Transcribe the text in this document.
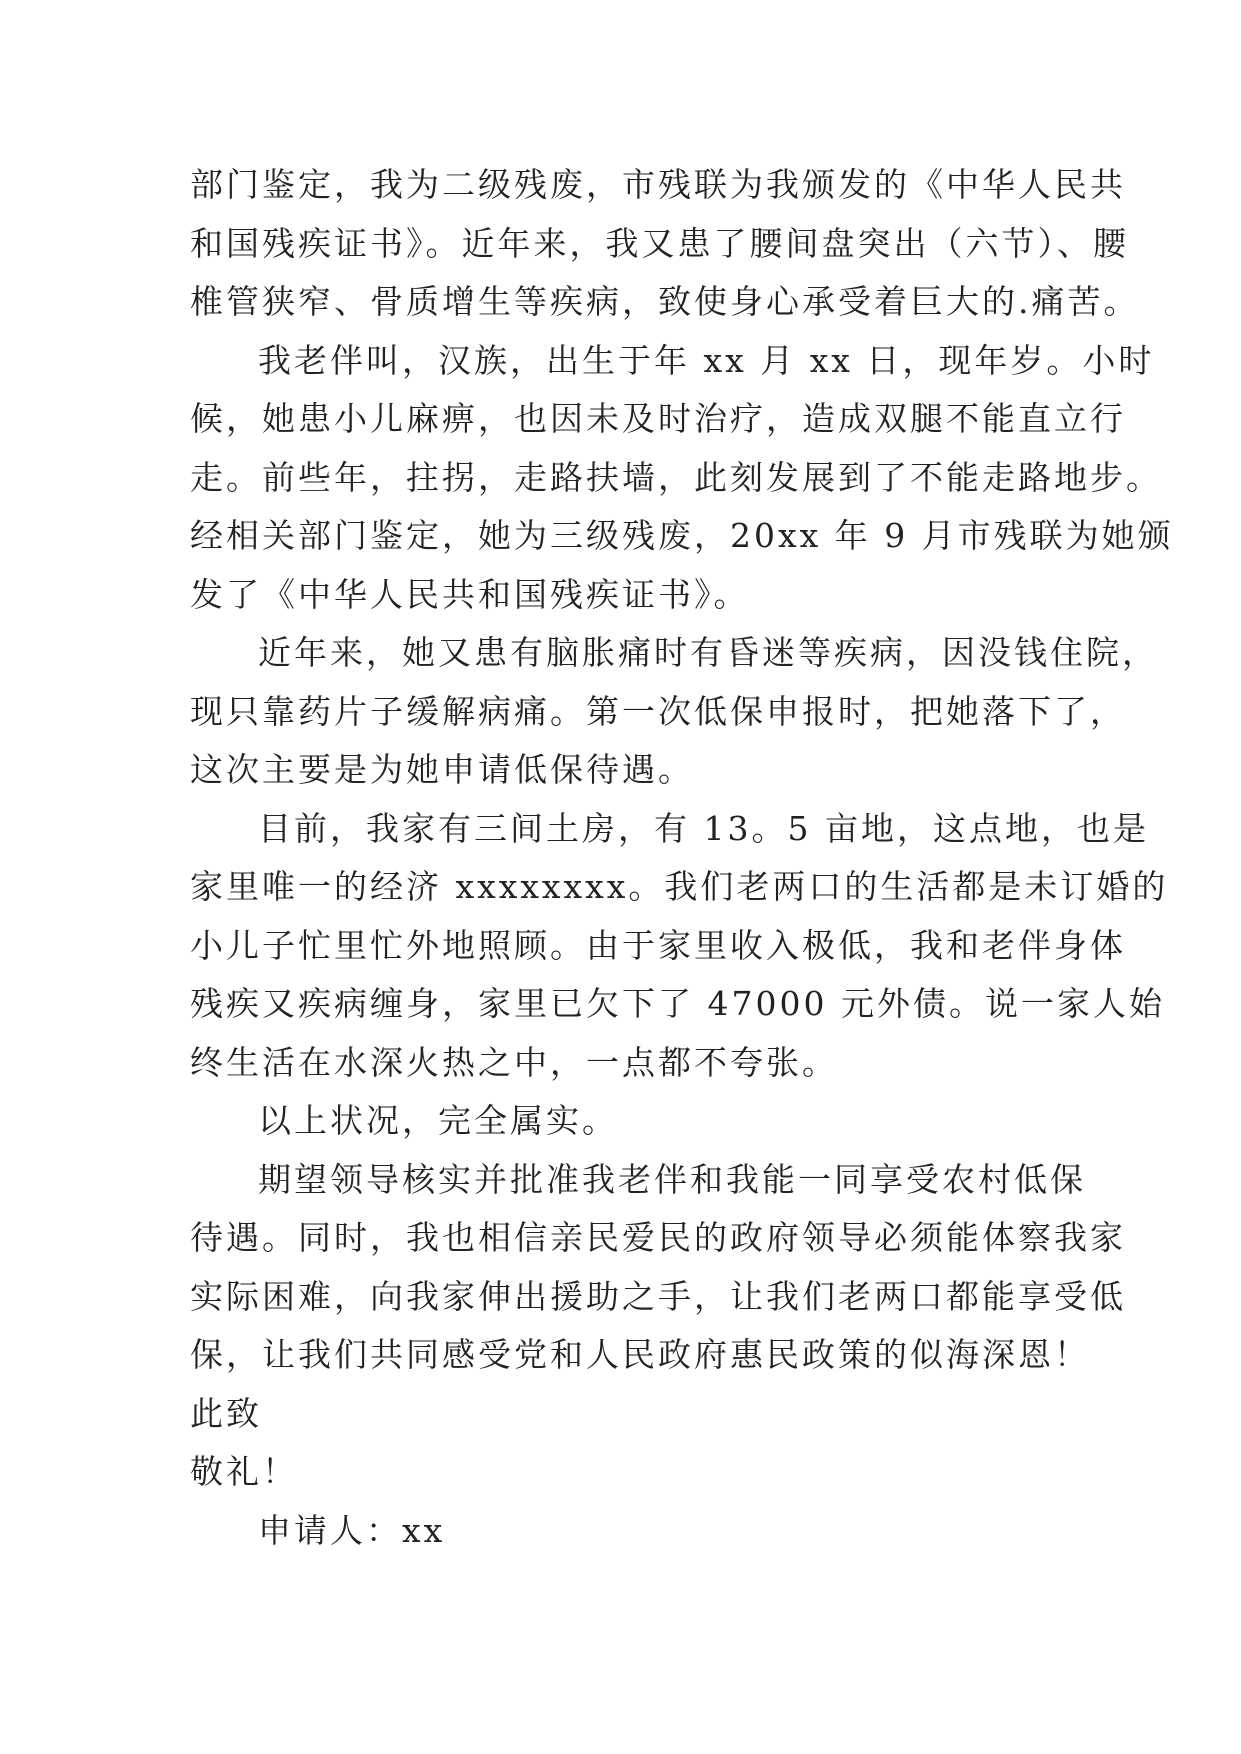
部门鉴定，我为二级残废，市残联为我颁发的《中华人民共
和国残疾证书》。近年来，我又患了腰间盘突出（六节）、腰
椎管狭窄、骨质增生等疾病，致使身心承受着巨大的.痛苦。
我老伴叫，汉族，出生于年 xx 月 xx 日，现年岁。小时
候，她患小儿麻痹，也因未及时治疗，造成双腿不能直立行
走。前些年，拄拐，走路扶墙，此刻发展到了不能走路地步。
经相关部门鉴定，她为三级残废，20xx 年 9 月市残联为她颁
发了《中华人民共和国残疾证书》。
近年来，她又患有脑胀痛时有昏迷等疾病，因没钱住院，
现只靠药片子缓解病痛。第一次低保申报时，把她落下了，
这次主要是为她申请低保待遇。
目前，我家有三间土房，有 13。5 亩地，这点地，也是
家里唯一的经济 xxxxxxxx。我们老两口的生活都是未订婚的
小儿子忙里忙外地照顾。由于家里收入极低，我和老伴身体
残疾又疾病缠身，家里已欠下了 47000 元外债。说一家人始
终生活在水深火热之中，一点都不夸张。
以上状况，完全属实。
期望领导核实并批准我老伴和我能一同享受农村低保
待遇。同时，我也相信亲民爱民的政府领导必须能体察我家
实际困难，向我家伸出援助之手，让我们老两口都能享受低
保，让我们共同感受党和人民政府惠民政策的似海深恩！
此致
敬礼！
申请人：xx
